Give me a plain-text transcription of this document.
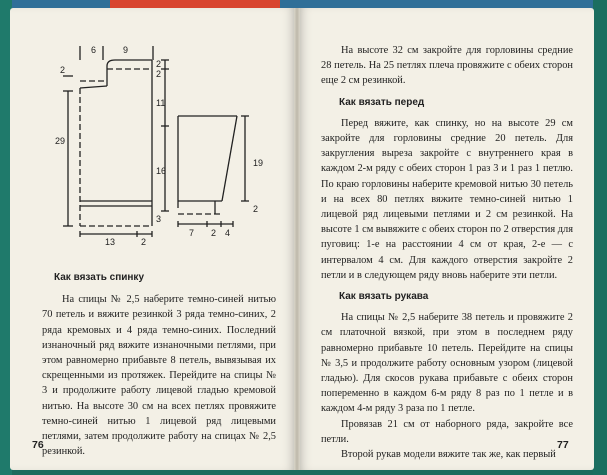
6	9
2
2
2
11
29
16
3
13	2
19
2
7 2 4
Как вязать спинку

На спицы № 2,5 наберите темно-синей нитью 70 петель и вяжите резинкой 3 ряда темно-синих, 2 ряда кремовых и 4 ряда темно-синих. Последний изнаночный ряд вяжите изнаночными петлями, при этом равномерно прибавьте 8 петель, вывязывая их скрещенными из протяжек. Перейдите на спицы № 3 и продолжите работу лицевой гладью кремовой нитью. На высоте 30 см на всех петлях провяжите темно-синей нитью 1 лицевой ряд лицевыми петлями, затем продолжите работу на спицах № 2,5 резинкой.

76

На высоте 32 см закройте для горловины средние 28 петель. На 25 петлях плеча провяжите с обеих сторон еще 2 см резинкой.

Как вязать перед

Перед вяжите, как спинку, но на высоте 29 см закройте для горловины средние 20 петель. Для закругления выреза закройте с внутреннего края в каждом 2-м ряду с обеих сторон 1 раз 3 и 1 раз 1 петлю. По краю горловины наберите кремовой нитью 30 петель и на всех 80 петлях вяжите темно-синей нитью 1 лицевой ряд лицевыми петлями и 2 см резинкой. На высоте 1 см вывяжите с обеих сторон по 2 отверстия для пуговиц: 1-е на расстоянии 4 см от края, 2-е — с интервалом 4 см. Для каждого отверстия закройте 2 петли и в следующем ряду вновь наберите эти петли.

Как вязать рукава

На спицы № 2,5 наберите 38 петель и провяжите 2 см платочной вязкой, при этом в последнем ряду равномерно прибавьте 10 петель. Перейдите на спицы № 3,5 и продолжите работу основным узором (лицевой гладью). Для скосов рукава прибавьте с обеих сторон попеременно в каждом 6-м ряду 8 раз по 1 петле и в каждом 4-м ряду 3 раза по 1 петле.

Провязав 21 см от наборного ряда, закройте все петли.

Второй рукав модели вяжите так же, как первый

77
